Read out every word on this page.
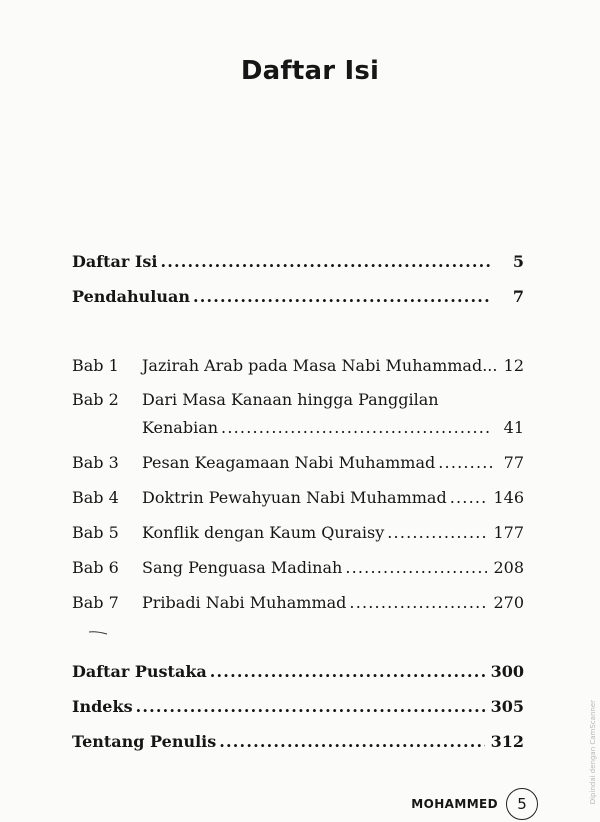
Daftar Isi
Daftar Isi .....	5
Pendahuluan .....	7
Bab 1	Jazirah Arab pada Masa Nabi Muhammad... 12
Bab 2	Dari Masa Kanaan hingga Panggilan
Kenabian .....	41
Bab 3	Pesan Keagamaan Nabi Muhammad .....	77
Bab 4	Doktrin Pewahyuan Nabi Muhammad .....	146
Bab 5	Konflik dengan Kaum Quraisy .....	177
Bab 6	Sang Penguasa Madinah .....	208
Bab 7	Pribadi Nabi Muhammad .....	270
Daftar Pustaka .....	300
Indeks .....	305
Tentang Penulis .....	312
MOHAMMED	5	Dipindai dengan CamScanner
